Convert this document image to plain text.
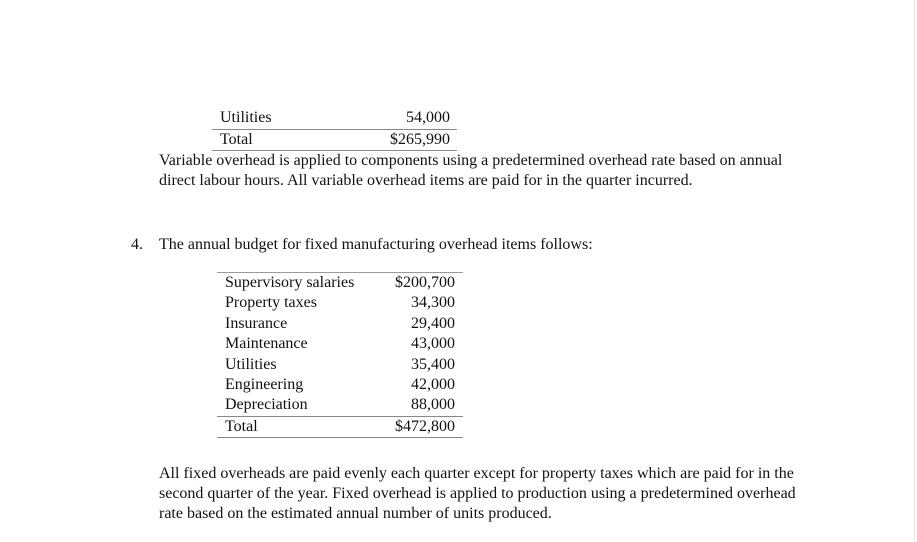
Utilities	54,000
Total	$265,990
Variable overhead is applied to components using a predetermined overhead rate based on annual direct labour hours. All variable overhead items are paid for in the quarter incurred.
4. The annual budget for fixed manufacturing overhead items follows:
Supervisory salaries	$200,700
Property taxes	34,300
Insurance	29,400
Maintenance	43,000
Utilities	35,400
Engineering	42,000
Depreciation	88,000
Total	$472,800
All fixed overheads are paid evenly each quarter except for property taxes which are paid for in the second quarter of the year. Fixed overhead is applied to production using a predetermined overhead rate based on the estimated annual number of units produced.
